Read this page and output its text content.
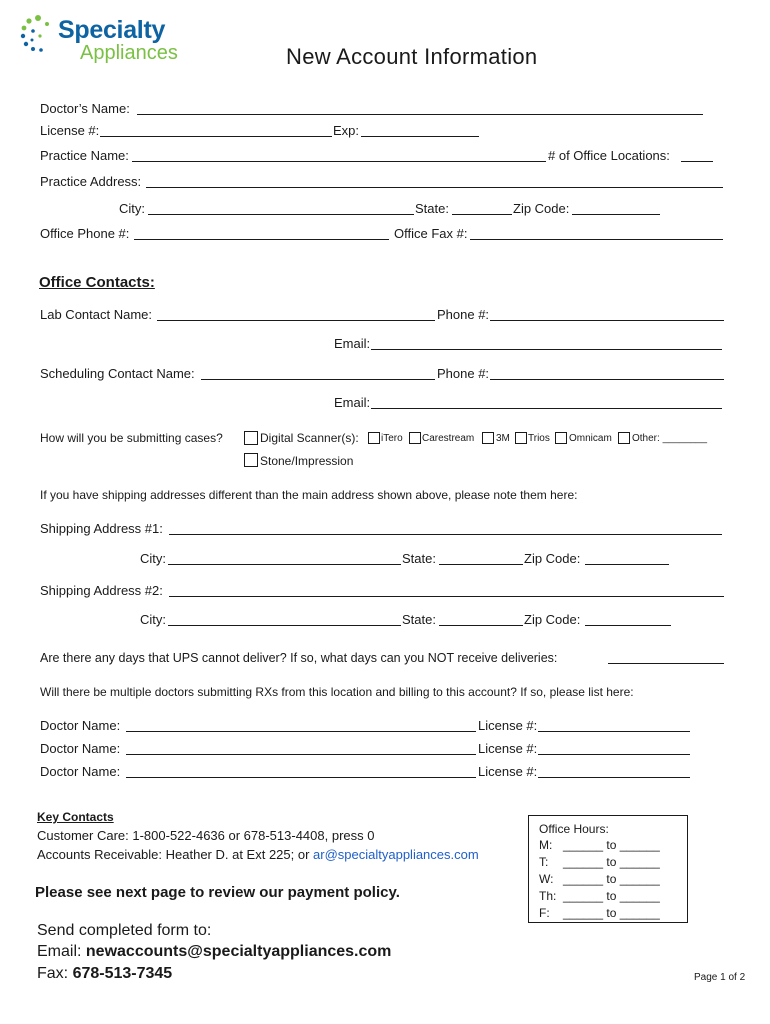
Specialty
Appliances	New Account Information
Doctor’s Name:
License #:	Exp:
Practice Name:	# of Office Locations:
Practice Address:
City:	State:	Zip Code:
Office Phone #:	Office Fax #:
Office Contacts:
Lab Contact Name:	Phone #:
Email:
Scheduling Contact Name:	Phone #:
Email:
How will you be submitting cases?	Digital Scanner(s): iTero Carestream 3M Trios Omnicam Other: ________
Stone/Impression
If you have shipping addresses different than the main address shown above, please note them here:
Shipping Address #1:
City:	State:	Zip Code:
Shipping Address #2:
City:	State:	Zip Code:
Are there any days that UPS cannot deliver? If so, what days can you NOT receive deliveries:
Will there be multiple doctors submitting RXs from this location and billing to this account? If so, please list here:
Doctor Name:	License #:
Doctor Name:	License #:
Doctor Name:	License #:
Key Contacts
Customer Care: 1-800-522-4636 or 678-513-4408, press 0
Accounts Receivable: Heather D. at Ext 225; or ar@specialtyappliances.com
Please see next page to review our payment policy.
Send completed form to:
Email: newaccounts@specialtyappliances.com
Fax: 678-513-7345
Office Hours:
M: ______ to ______
T: ______ to ______
W: ______ to ______
Th: ______ to ______
F: ______ to ______
Page 1 of 2
